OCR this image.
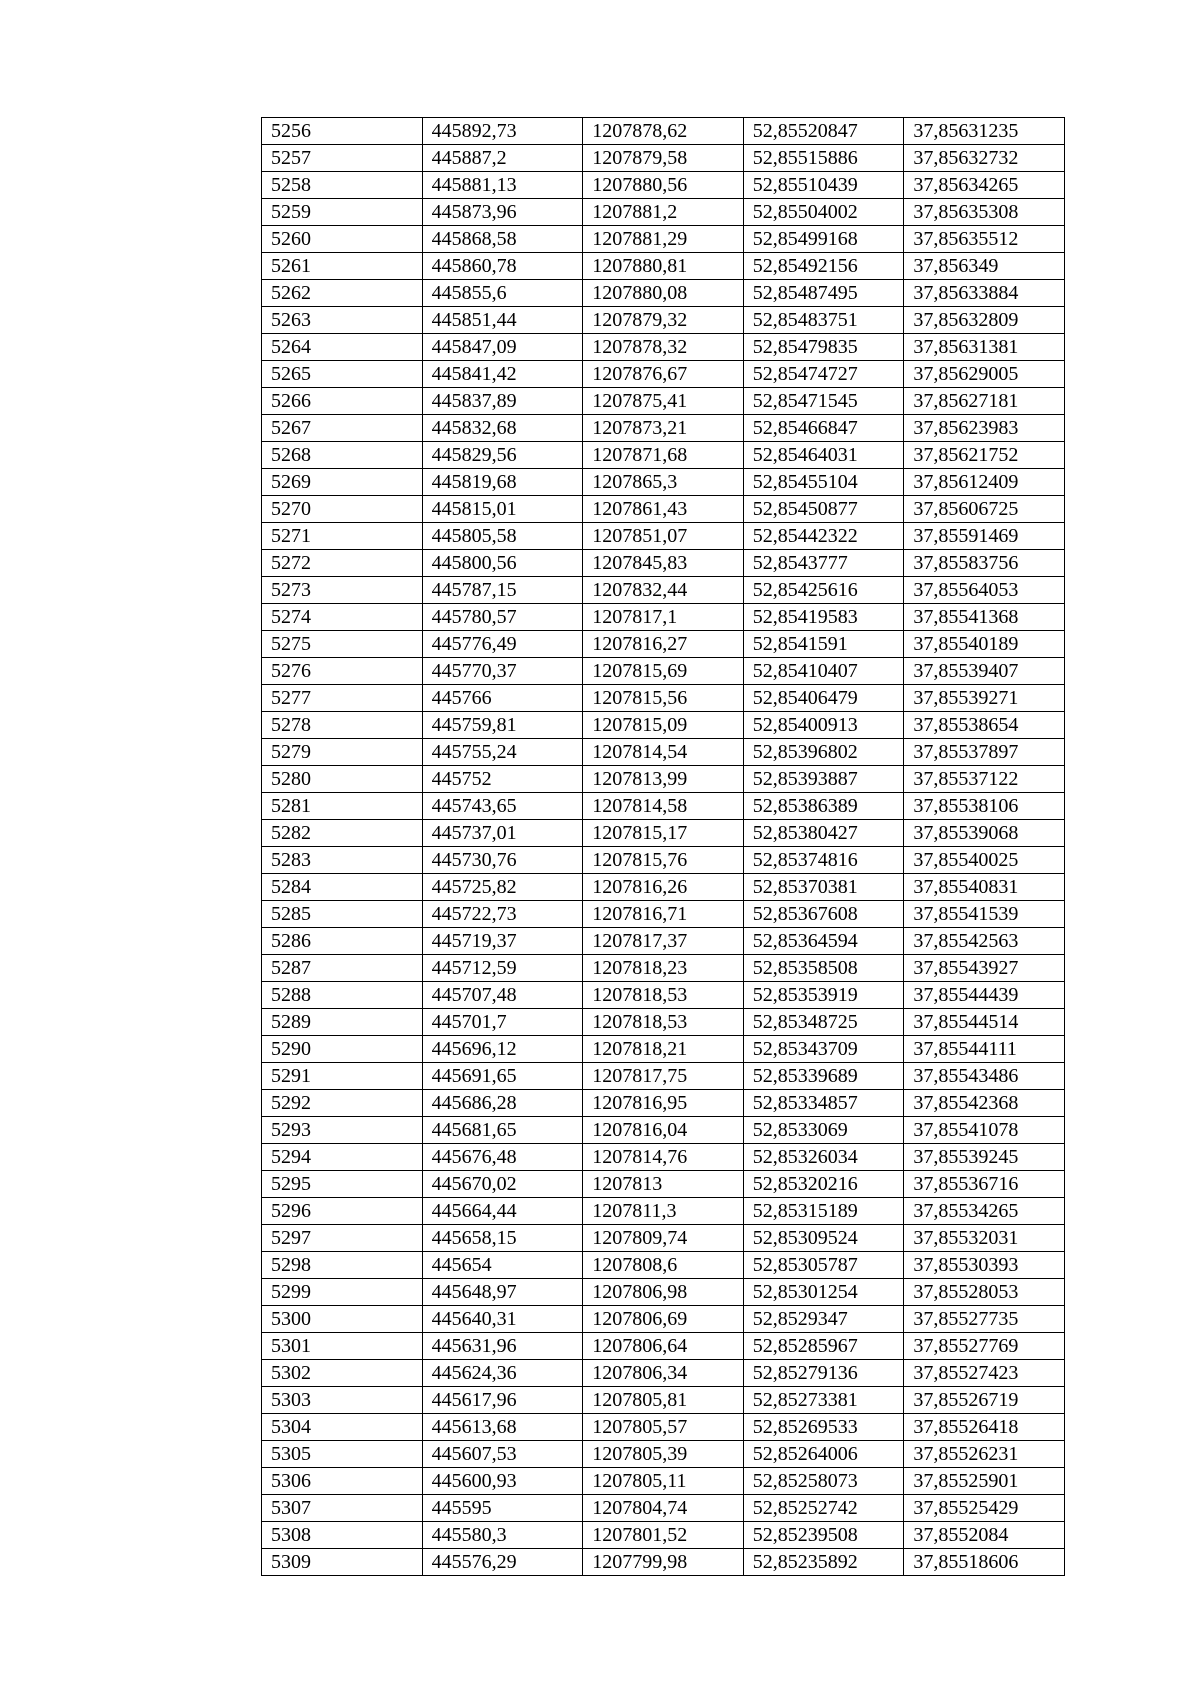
5256	445892,73	1207878,62	52,85520847	37,85631235
5257	445887,2	1207879,58	52,85515886	37,85632732
5258	445881,13	1207880,56	52,85510439	37,85634265
5259	445873,96	1207881,2	52,85504002	37,85635308
5260	445868,58	1207881,29	52,85499168	37,85635512
5261	445860,78	1207880,81	52,85492156	37,856349
5262	445855,6	1207880,08	52,85487495	37,85633884
5263	445851,44	1207879,32	52,85483751	37,85632809
5264	445847,09	1207878,32	52,85479835	37,85631381
5265	445841,42	1207876,67	52,85474727	37,85629005
5266	445837,89	1207875,41	52,85471545	37,85627181
5267	445832,68	1207873,21	52,85466847	37,85623983
5268	445829,56	1207871,68	52,85464031	37,85621752
5269	445819,68	1207865,3	52,85455104	37,85612409
5270	445815,01	1207861,43	52,85450877	37,85606725
5271	445805,58	1207851,07	52,85442322	37,85591469
5272	445800,56	1207845,83	52,8543777	37,85583756
5273	445787,15	1207832,44	52,85425616	37,85564053
5274	445780,57	1207817,1	52,85419583	37,85541368
5275	445776,49	1207816,27	52,8541591	37,85540189
5276	445770,37	1207815,69	52,85410407	37,85539407
5277	445766	1207815,56	52,85406479	37,85539271
5278	445759,81	1207815,09	52,85400913	37,85538654
5279	445755,24	1207814,54	52,85396802	37,85537897
5280	445752	1207813,99	52,85393887	37,85537122
5281	445743,65	1207814,58	52,85386389	37,85538106
5282	445737,01	1207815,17	52,85380427	37,85539068
5283	445730,76	1207815,76	52,85374816	37,85540025
5284	445725,82	1207816,26	52,85370381	37,85540831
5285	445722,73	1207816,71	52,85367608	37,85541539
5286	445719,37	1207817,37	52,85364594	37,85542563
5287	445712,59	1207818,23	52,85358508	37,85543927
5288	445707,48	1207818,53	52,85353919	37,85544439
5289	445701,7	1207818,53	52,85348725	37,85544514
5290	445696,12	1207818,21	52,85343709	37,85544111
5291	445691,65	1207817,75	52,85339689	37,85543486
5292	445686,28	1207816,95	52,85334857	37,85542368
5293	445681,65	1207816,04	52,8533069	37,85541078
5294	445676,48	1207814,76	52,85326034	37,85539245
5295	445670,02	1207813	52,85320216	37,85536716
5296	445664,44	1207811,3	52,85315189	37,85534265
5297	445658,15	1207809,74	52,85309524	37,85532031
5298	445654	1207808,6	52,85305787	37,85530393
5299	445648,97	1207806,98	52,85301254	37,85528053
5300	445640,31	1207806,69	52,8529347	37,85527735
5301	445631,96	1207806,64	52,85285967	37,85527769
5302	445624,36	1207806,34	52,85279136	37,85527423
5303	445617,96	1207805,81	52,85273381	37,85526719
5304	445613,68	1207805,57	52,85269533	37,85526418
5305	445607,53	1207805,39	52,85264006	37,85526231
5306	445600,93	1207805,11	52,85258073	37,85525901
5307	445595	1207804,74	52,85252742	37,85525429
5308	445580,3	1207801,52	52,85239508	37,8552084
5309	445576,29	1207799,98	52,85235892	37,85518606
